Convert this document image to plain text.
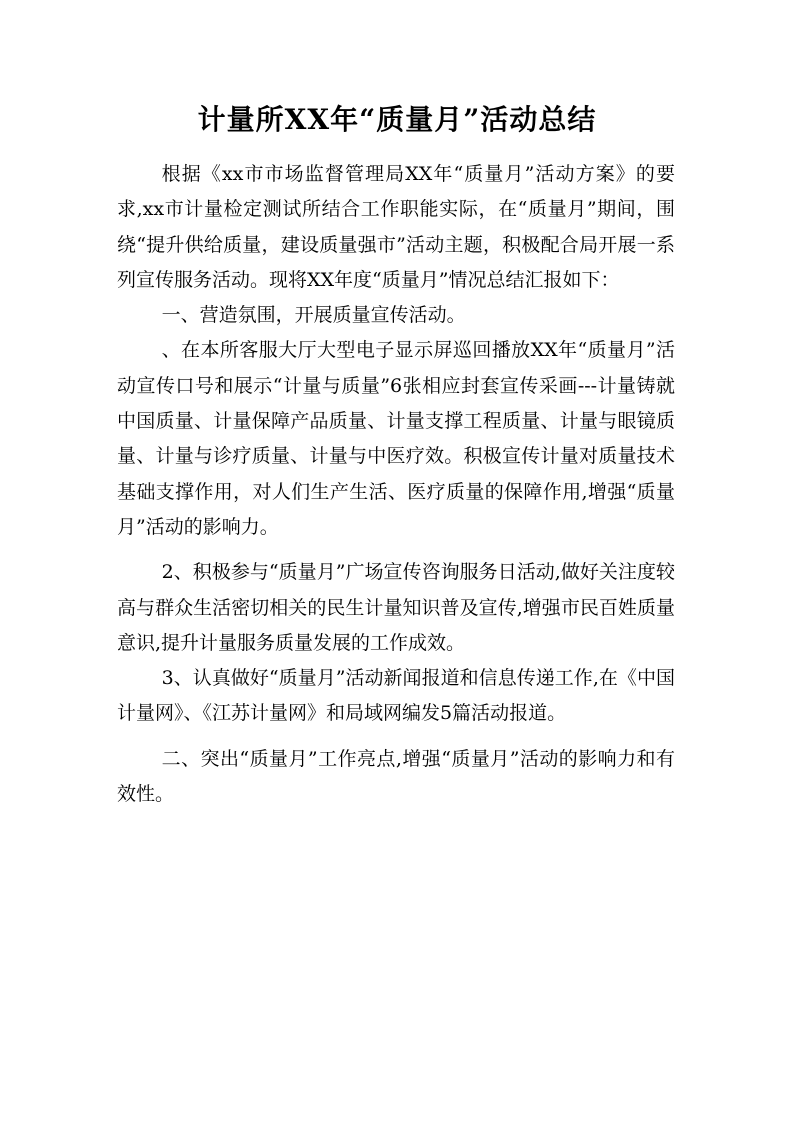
计量所XX年“质量月”活动总结

根据《xx市市场监督管理局XX年“质量月”活动方案》的要求,xx市计量检定测试所结合工作职能实际，在“质量月”期间，围绕“提升供给质量，建设质量强市”活动主题，积极配合局开展一系列宣传服务活动。现将XX年度“质量月”情况总结汇报如下：

一、营造氛围，开展质量宣传活动。

、在本所客服大厅大型电子显示屏巡回播放XX年“质量月”活动宣传口号和展示“计量与质量”6张相应封套宣传采画---计量铸就中国质量、计量保障产品质量、计量支撑工程质量、计量与眼镜质量、计量与诊疗质量、计量与中医疗效。积极宣传计量对质量技术基础支撑作用，对人们生产生活、医疗质量的保障作用,增强“质量月”活动的影响力。

2、积极参与“质量月”广场宣传咨询服务日活动,做好关注度较高与群众生活密切相关的民生计量知识普及宣传,增强市民百姓质量意识,提升计量服务质量发展的工作成效。

3、认真做好“质量月”活动新闻报道和信息传递工作,在《中国计量网》、《江苏计量网》和局域网编发5篇活动报道。

二、突出“质量月”工作亮点,增强“质量月”活动的影响力和有效性。
